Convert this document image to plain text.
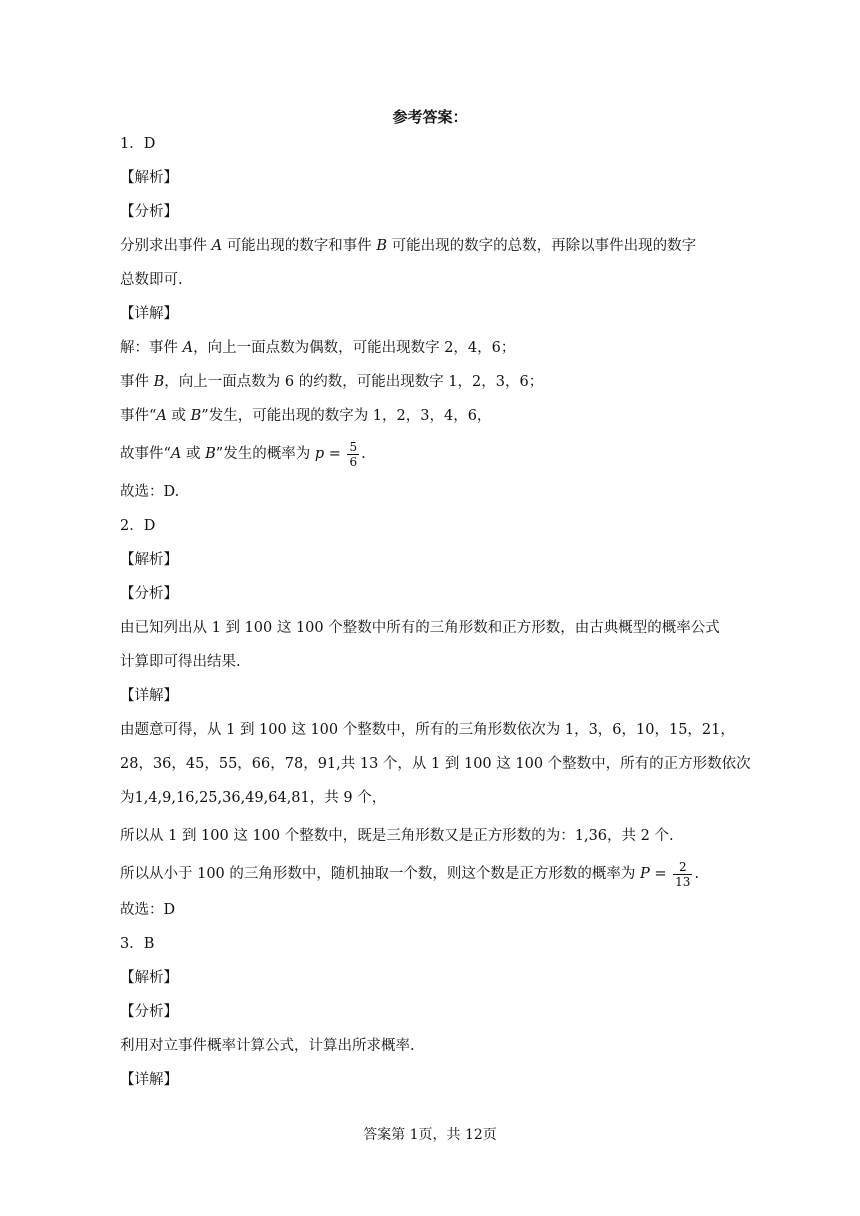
参考答案：
1．D
【解析】
【分析】
分别求出事件 A 可能出现的数字和事件 B 可能出现的数字的总数，再除以事件出现的数字
总数即可.
【详解】
解：事件 A，向上一面点数为偶数，可能出现数字 2，4，6；
事件 B，向上一面点数为 6 的约数，可能出现数字 1，2，3，6；
事件“A 或 B”发生，可能出现的数字为 1，2，3，4，6，
故事件“A 或 B”发生的概率为 $p = \frac{5}{6}$ .
故选：D.
2．D
【解析】
【分析】
由已知列出从 1 到 100 这 100 个整数中所有的三角形数和正方形数，由古典概型的概率公式
计算即可得出结果.
【详解】
由题意可得，从 1 到 100 这 100 个整数中，所有的三角形数依次为 1，3，6，10，15，21，
28，36，45，55，66，78，91,共 13 个，从 1 到 100 这 100 个整数中，所有的正方形数依次
为1,4,9,16,25,36,49,64,81，共 9 个，
所以从 1 到 100 这 100 个整数中，既是三角形数又是正方形数的为：1,36，共 2 个.
所以从小于 100 的三角形数中，随机抽取一个数，则这个数是正方形数的概率为 $P = \frac{2}{13}$ .
故选：D
3．B
【解析】
【分析】
利用对立事件概率计算公式，计算出所求概率.
【详解】
答案第 1页，共 12页
